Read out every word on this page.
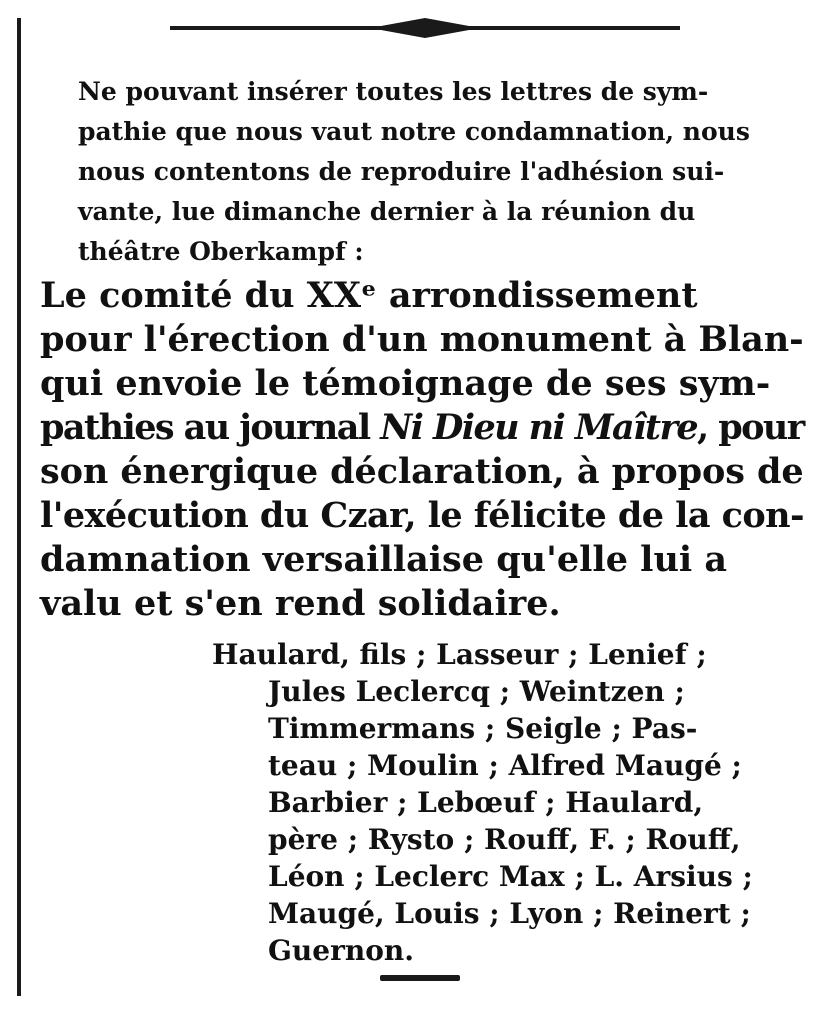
Ne pouvant insérer toutes les lettres de sym-
pathie que nous vaut notre condamnation, nous
nous contentons de reproduire l'adhésion sui-
vante, lue dimanche dernier à la réunion du
théâtre Oberkampf :

Le comité du XXᵉ arrondissement
pour l'érection d'un monument à Blan-
qui envoie le témoignage de ses sym-
pathies au journal Ni Dieu ni Maître, pour
son énergique déclaration, à propos de
l'exécution du Czar, le félicite de la con-
damnation versaillaise qu'elle lui a
valu et s'en rend solidaire.

Haulard, fils ; Lasseur ; Lenief ;
Jules Leclercq ; Weintzen ;
Timmermans ; Seigle ; Pas-
teau ; Moulin ; Alfred Maugé ;
Barbier ; Lebœuf ; Haulard,
père ; Rysto ; Rouff, F. ; Rouff,
Léon ; Leclerc Max ; L. Arsius ;
Maugé, Louis ; Lyon ; Reinert ;
Guernon.
